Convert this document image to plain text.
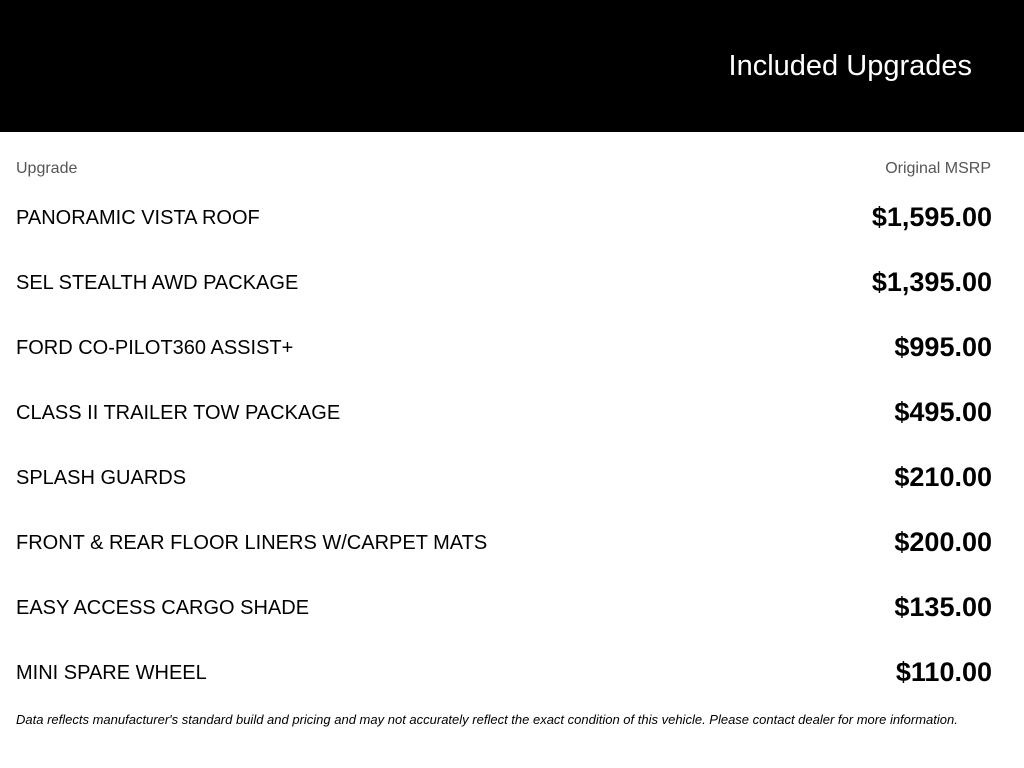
Included Upgrades
Upgrade	Original MSRP
PANORAMIC VISTA ROOF	$1,595.00
SEL STEALTH AWD PACKAGE	$1,395.00
FORD CO-PILOT360 ASSIST+	$995.00
CLASS II TRAILER TOW PACKAGE	$495.00
SPLASH GUARDS	$210.00
FRONT & REAR FLOOR LINERS W/CARPET MATS	$200.00
EASY ACCESS CARGO SHADE	$135.00
MINI SPARE WHEEL	$110.00
Data reflects manufacturer's standard build and pricing and may not accurately reflect the exact condition of this vehicle. Please contact dealer for more information.
